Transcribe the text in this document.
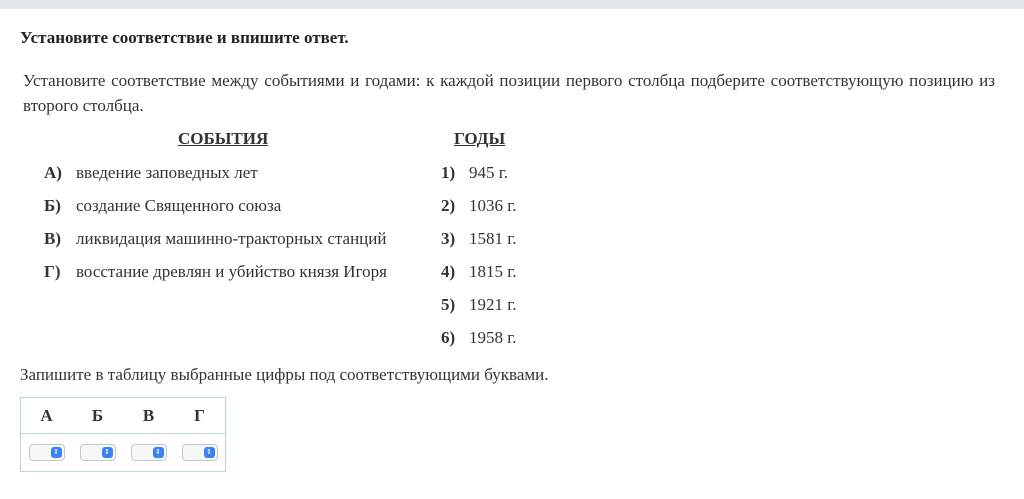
Установите соответствие и впишите ответ.
Установите соответствие между событиями и годами: к каждой позиции первого столбца подберите соответствующую позицию из второго столбца.
СОБЫТИЯ	ГОДЫ
А) введение заповедных лет
Б) создание Священного союза
В) ликвидация машинно-тракторных станций
Г) восстание древлян и убийство князя Игоря
1) 945 г.
2) 1036 г.
3) 1581 г.
4) 1815 г.
5) 1921 г.
6) 1958 г.
Запишите в таблицу выбранные цифры под соответствующими буквами.
А	Б	В	Г

⇕	⇕	⇕	⇕
